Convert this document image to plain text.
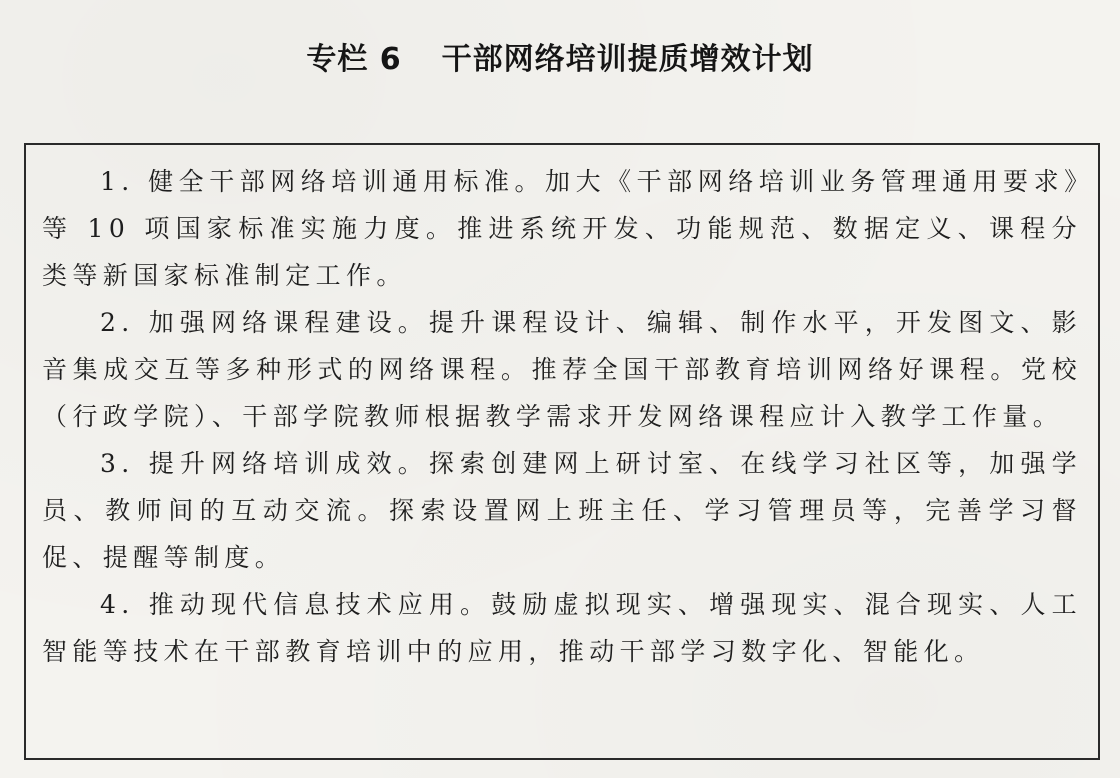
专栏 6 干部网络培训提质增效计划

1. 健全干部网络培训通用标准。加大《干部网络培训业务管理通用要求》等 10 项国家标准实施力度。推进系统开发、功能规范、数据定义、课程分类等新国家标准制定工作。

2. 加强网络课程建设。提升课程设计、编辑、制作水平，开发图文、影音集成交互等多种形式的网络课程。推荐全国干部教育培训网络好课程。党校（行政学院）、干部学院教师根据教学需求开发网络课程应计入教学工作量。

3. 提升网络培训成效。探索创建网上研讨室、在线学习社区等，加强学员、教师间的互动交流。探索设置网上班主任、学习管理员等，完善学习督促、提醒等制度。

4. 推动现代信息技术应用。鼓励虚拟现实、增强现实、混合现实、人工智能等技术在干部教育培训中的应用，推动干部学习数字化、智能化。
